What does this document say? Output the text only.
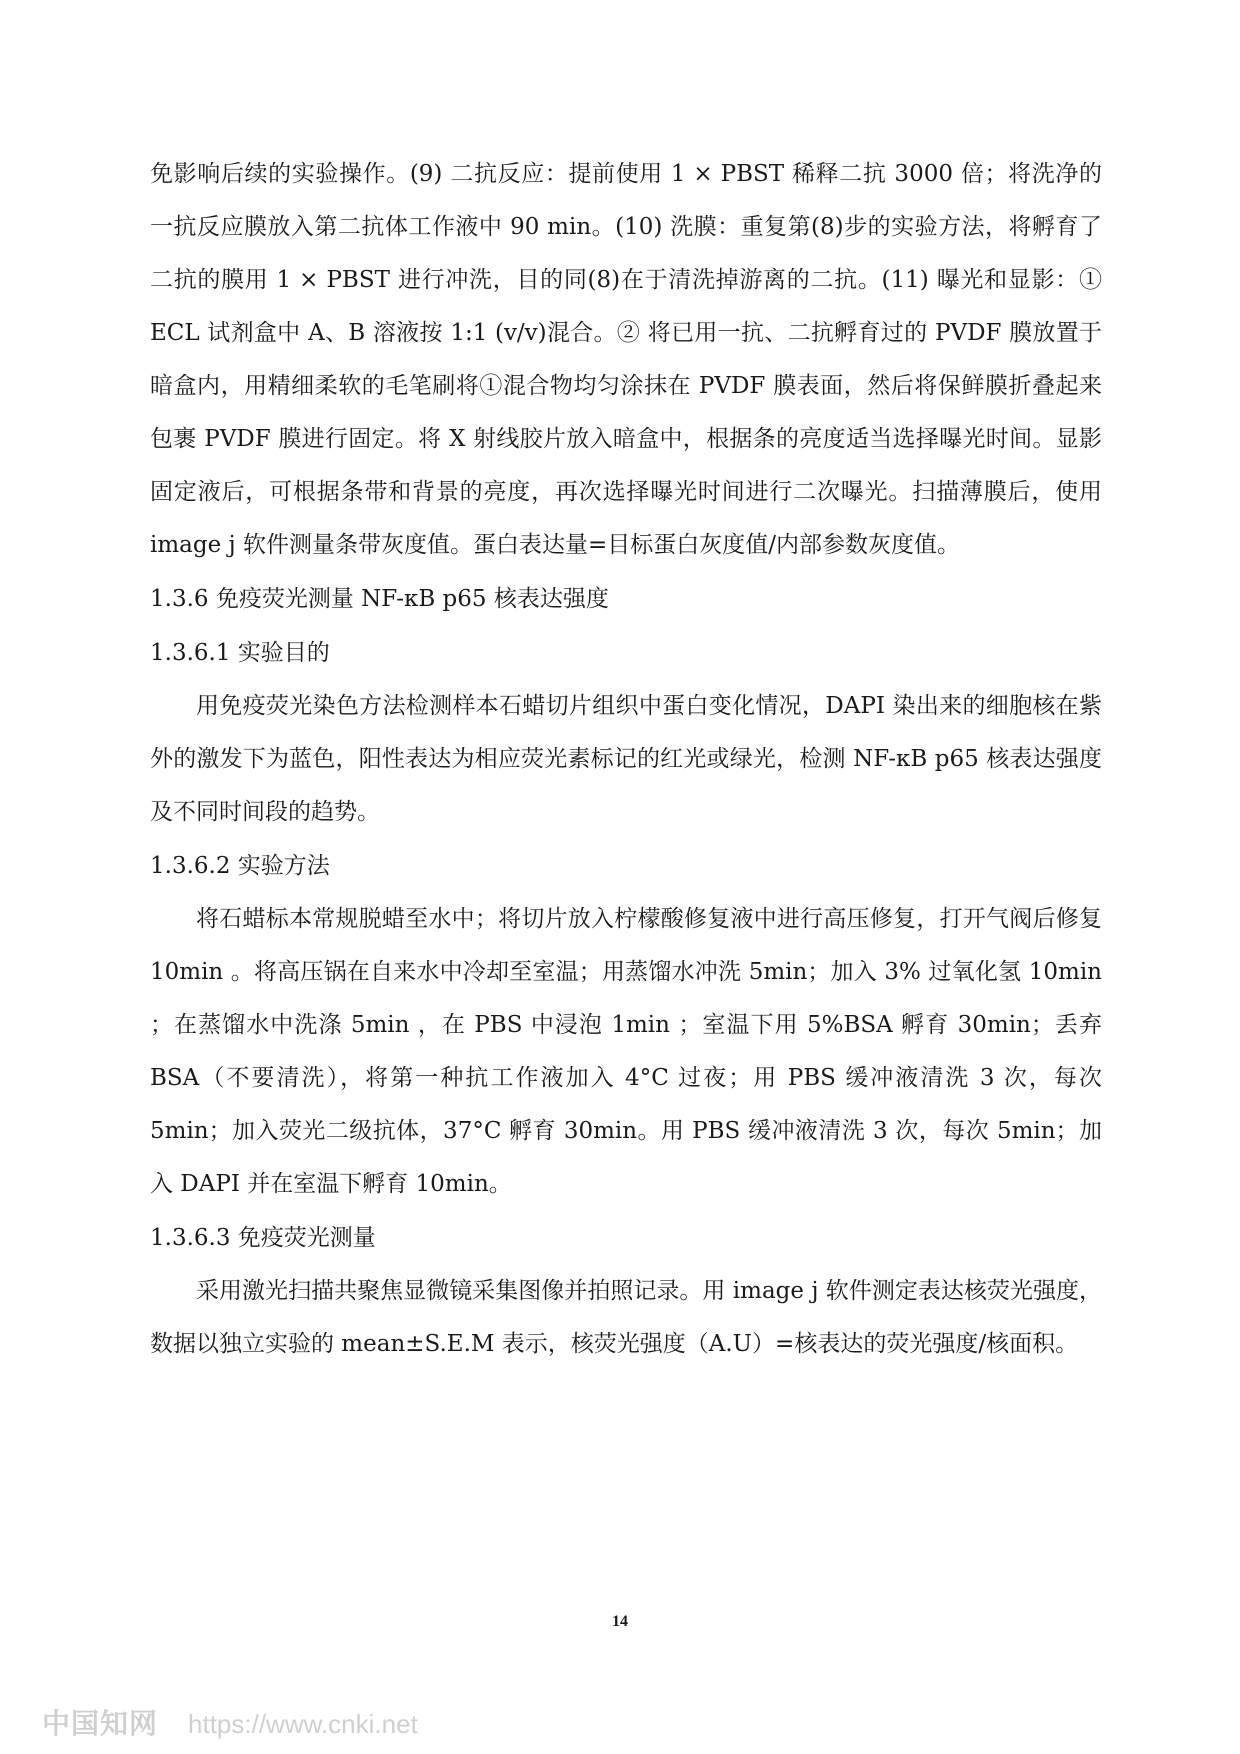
免影响后续的实验操作。(9) 二抗反应：提前使用 1 × PBST 稀释二抗 3000 倍；将洗净的一抗反应膜放入第二抗体工作液中 90 min。(10) 洗膜：重复第(8)步的实验方法，将孵育了二抗的膜用 1 × PBST 进行冲洗，目的同(8)在于清洗掉游离的二抗。(11) 曝光和显影：① ECL 试剂盒中 A、B 溶液按 1:1 (v/v)混合。② 将已用一抗、二抗孵育过的 PVDF 膜放置于暗盒内，用精细柔软的毛笔刷将①混合物均匀涂抹在 PVDF 膜表面，然后将保鲜膜折叠起来包裹 PVDF 膜进行固定。将 X 射线胶片放入暗盒中，根据条的亮度适当选择曝光时间。显影固定液后，可根据条带和背景的亮度，再次选择曝光时间进行二次曝光。扫描薄膜后，使用 image j 软件测量条带灰度值。蛋白表达量=目标蛋白灰度值/内部参数灰度值。

1.3.6 免疫荧光测量 NF-κB p65 核表达强度

1.3.6.1 实验目的

用免疫荧光染色方法检测样本石蜡切片组织中蛋白变化情况，DAPI 染出来的细胞核在紫外的激发下为蓝色，阳性表达为相应荧光素标记的红光或绿光，检测 NF-κB p65 核表达强度及不同时间段的趋势。

1.3.6.2 实验方法

将石蜡标本常规脱蜡至水中；将切片放入柠檬酸修复液中进行高压修复，打开气阀后修复 10min 。将高压锅在自来水中冷却至室温；用蒸馏水冲洗 5min；加入 3% 过氧化氢 10min ；在蒸馏水中洗涤 5min ，在 PBS 中浸泡 1min ；室温下用 5%BSA 孵育 30min；丢弃 BSA（不要清洗），将第一种抗工作液加入 4°C 过夜；用 PBS 缓冲液清洗 3 次，每次 5min；加入荧光二级抗体，37°C 孵育 30min。用 PBS 缓冲液清洗 3 次，每次 5min；加入 DAPI 并在室温下孵育 10min。

1.3.6.3 免疫荧光测量

采用激光扫描共聚焦显微镜采集图像并拍照记录。用 image j 软件测定表达核荧光强度，数据以独立实验的 mean±S.E.M 表示，核荧光强度（A.U）=核表达的荧光强度/核面积。

14
中国知网 https://www.cnki.net
